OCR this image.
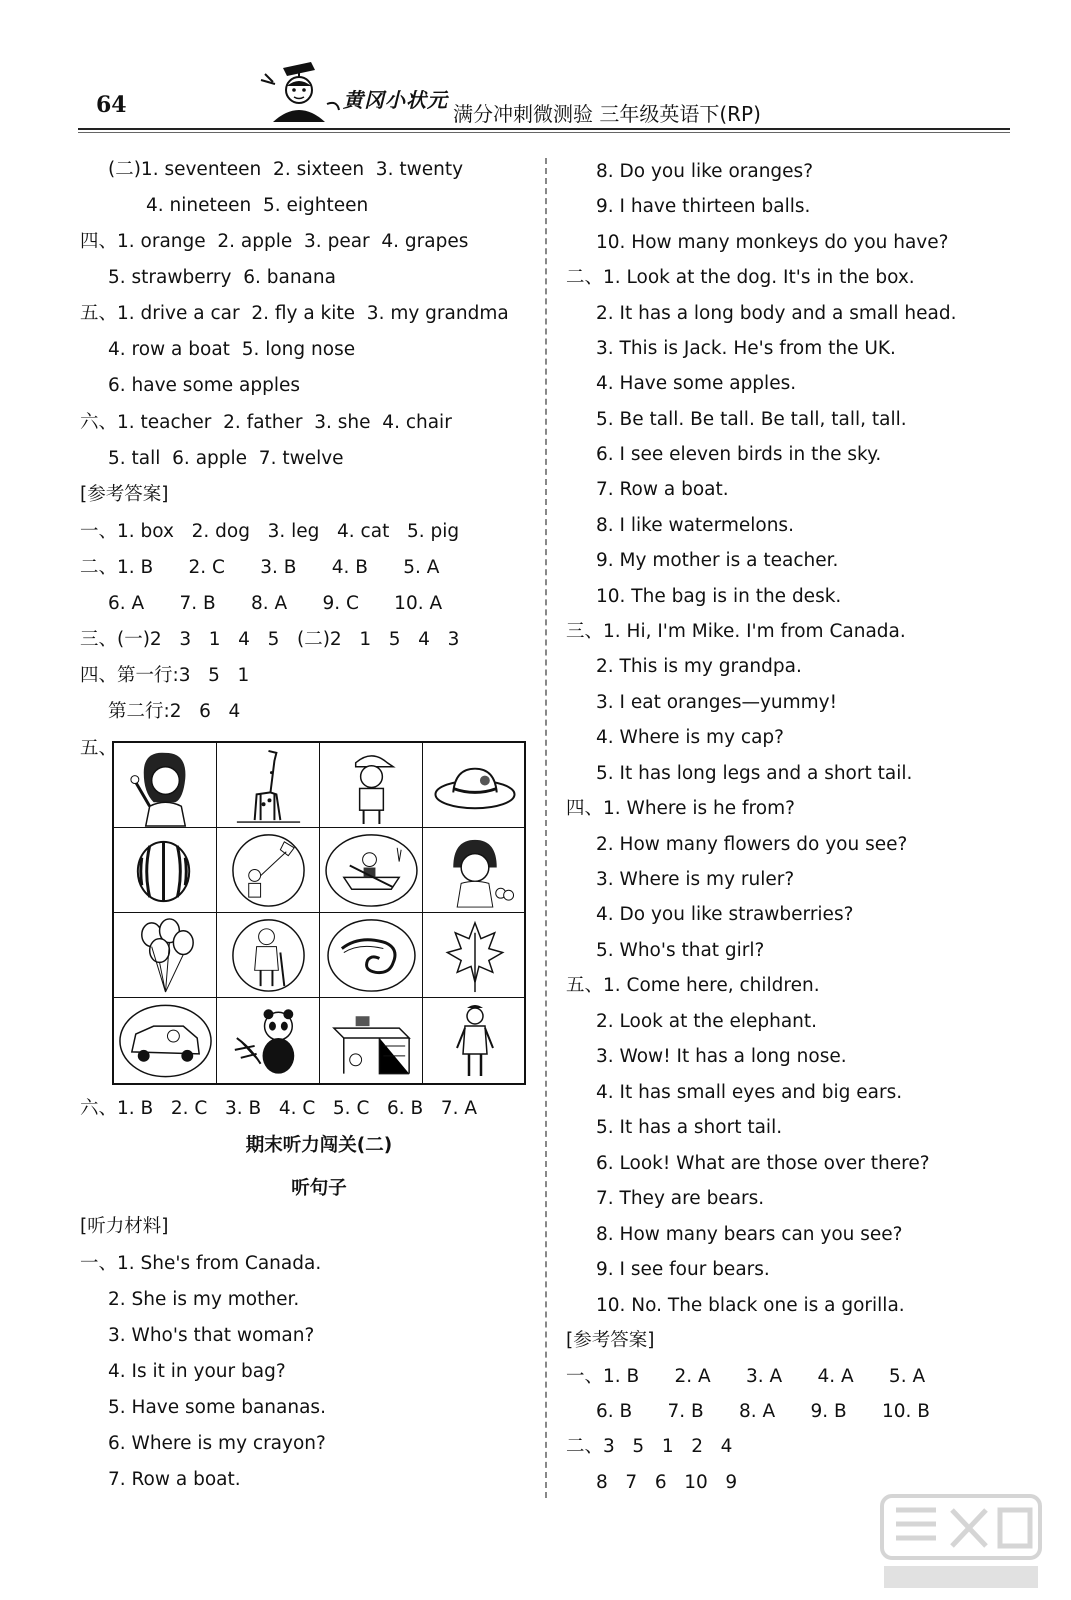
64	黄冈小状元
满分冲刺微测验 三年级英语下(RP)
(二)1. seventeen  2. sixteen  3. twenty
4. nineteen  5. eighteen
四、1. orange  2. apple  3. pear  4. grapes
5. strawberry  6. banana
五、1. drive a car  2. fly a kite  3. my grandma
4. row a boat  5. long nose
6. have some apples
六、1. teacher  2. father  3. she  4. chair
5. tall  6. apple  7. twelve
[参考答案]
一、1. box   2. dog   3. leg   4. cat   5. pig
二、1. B      2. C      3. B      4. B      5. A
6. A      7. B      8. A      9. C      10. A
三、(一)2   3   1   4   5   (二)2   1   5   4   3
四、第一行:3   5   1
第二行:2   6   4
五、
六、1. B   2. C   3. B   4. C   5. C   6. B   7. A
期末听力闯关(二)
听句子
[听力材料]
一、1. She's from Canada.
2. She is my mother.
3. Who's that woman?
4. Is it in your bag?
5. Have some bananas.
6. Where is my crayon?
7. Row a boat.
8. Do you like oranges?
9. I have thirteen balls.
10. How many monkeys do you have?
二、1. Look at the dog. It's in the box.
2. It has a long body and a small head.
3. This is Jack. He's from the UK.
4. Have some apples.
5. Be tall. Be tall. Be tall, tall, tall.
6. I see eleven birds in the sky.
7. Row a boat.
8. I like watermelons.
9. My mother is a teacher.
10. The bag is in the desk.
三、1. Hi, I'm Mike. I'm from Canada.
2. This is my grandpa.
3. I eat oranges—yummy!
4. Where is my cap?
5. It has long legs and a short tail.
四、1. Where is he from?
2. How many flowers do you see?
3. Where is my ruler?
4. Do you like strawberries?
5. Who's that girl?
五、1. Come here, children.
2. Look at the elephant.
3. Wow! It has a long nose.
4. It has small eyes and big ears.
5. It has a short tail.
6. Look! What are those over there?
7. They are bears.
8. How many bears can you see?
9. I see four bears.
10. No. The black one is a gorilla.
[参考答案]
一、1. B      2. A      3. A      4. A      5. A
6. B      7. B      8. A      9. B      10. B
二、3   5   1   2   4
8   7   6   10   9
